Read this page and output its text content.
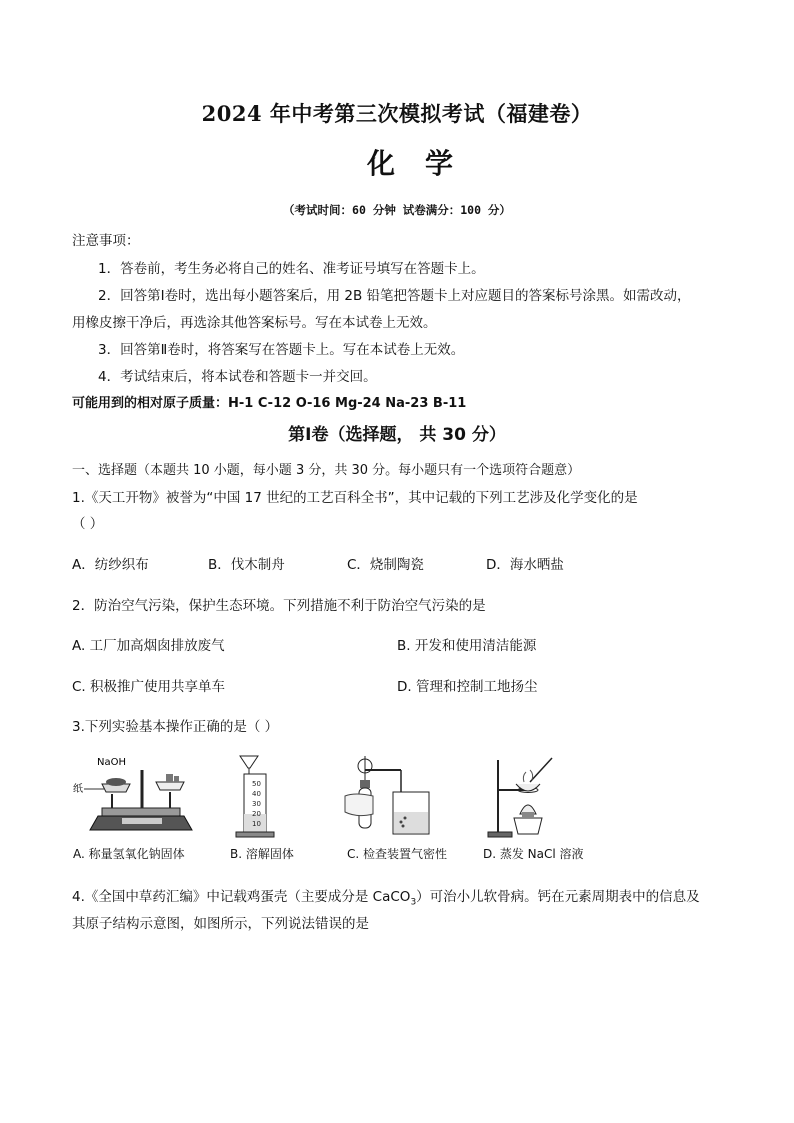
2024 年中考第三次模拟考试（福建卷）
化学
（考试时间：60 分钟 试卷满分：100 分）
注意事项：
1．答卷前，考生务必将自己的姓名、准考证号填写在答题卡上。
2．回答第Ⅰ卷时，选出每小题答案后，用 2B 铅笔把答题卡上对应题目的答案标号涂黑。如需改动，
用橡皮擦干净后，再选涂其他答案标号。写在本试卷上无效。
3．回答第Ⅱ卷时，将答案写在答题卡上。写在本试卷上无效。
4．考试结束后，将本试卷和答题卡一并交回。
可能用到的相对原子质量：H-1 C-12 O-16 Mg-24 Na-23 B-11
第Ⅰ卷（选择题， 共 30 分）
一、选择题（本题共 10 小题，每小题 3 分，共 30 分。每小题只有一个选项符合题意）
1.《天工开物》被誉为“中国 17 世纪的工艺百科全书”，其中记载的下列工艺涉及化学变化的是
（ ）
A．纺纱织布	B．伐木制舟	C．烧制陶瓷	D．海水晒盐
2．防治空气污染，保护生态环境。下列措施不利于防治空气污染的是
A. 工厂加高烟囱排放废气	B. 开发和使用清洁能源
C. 积极推广使用共享单车	D. 管理和控制工地扬尘
3.下列实验基本操作正确的是（ ）
NaOH
纸	50
40
30
20
10
A. 称量氢氧化钠固体	B. 溶解固体	C. 检查装置气密性	D. 蒸发 NaCl 溶液
4.《全国中草药汇编》中记载鸡蛋壳（主要成分是 CaCO$_3$）可治小儿软骨病。钙在元素周期表中的信息及
其原子结构示意图，如图所示，下列说法错误的是
